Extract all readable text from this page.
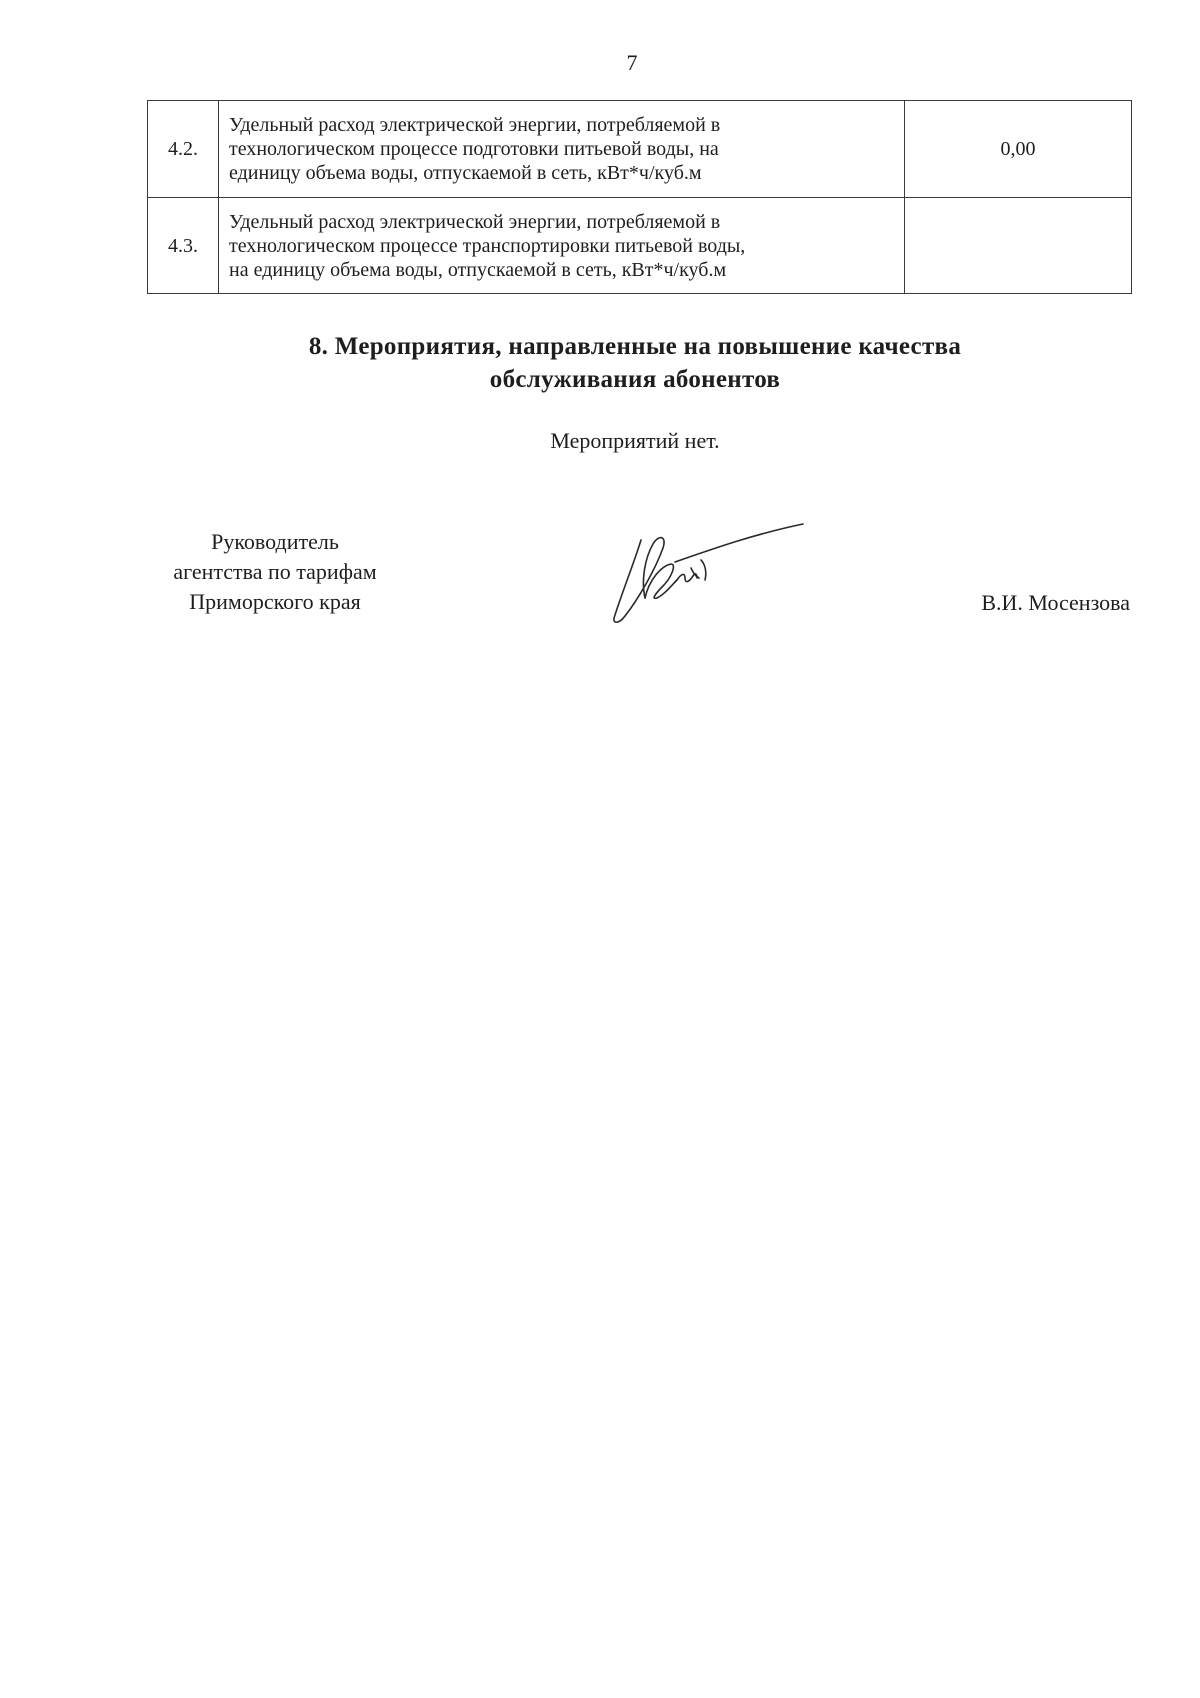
7
4.2.	Удельный расход электрической энергии, потребляемой в
технологическом процессе подготовки питьевой воды, на
единицу объема воды, отпускаемой в сеть, кВт*ч/куб.м	0,00
4.3.	Удельный расход электрической энергии, потребляемой в
технологическом процессе транспортировки питьевой воды,
на единицу объема воды, отпускаемой в сеть, кВт*ч/куб.м	

8. Мероприятия, направленные на повышение качества
обслуживания абонентов
Мероприятий нет.
Руководитель
агентства по тарифам
Приморского края	В.И. Мосензова
